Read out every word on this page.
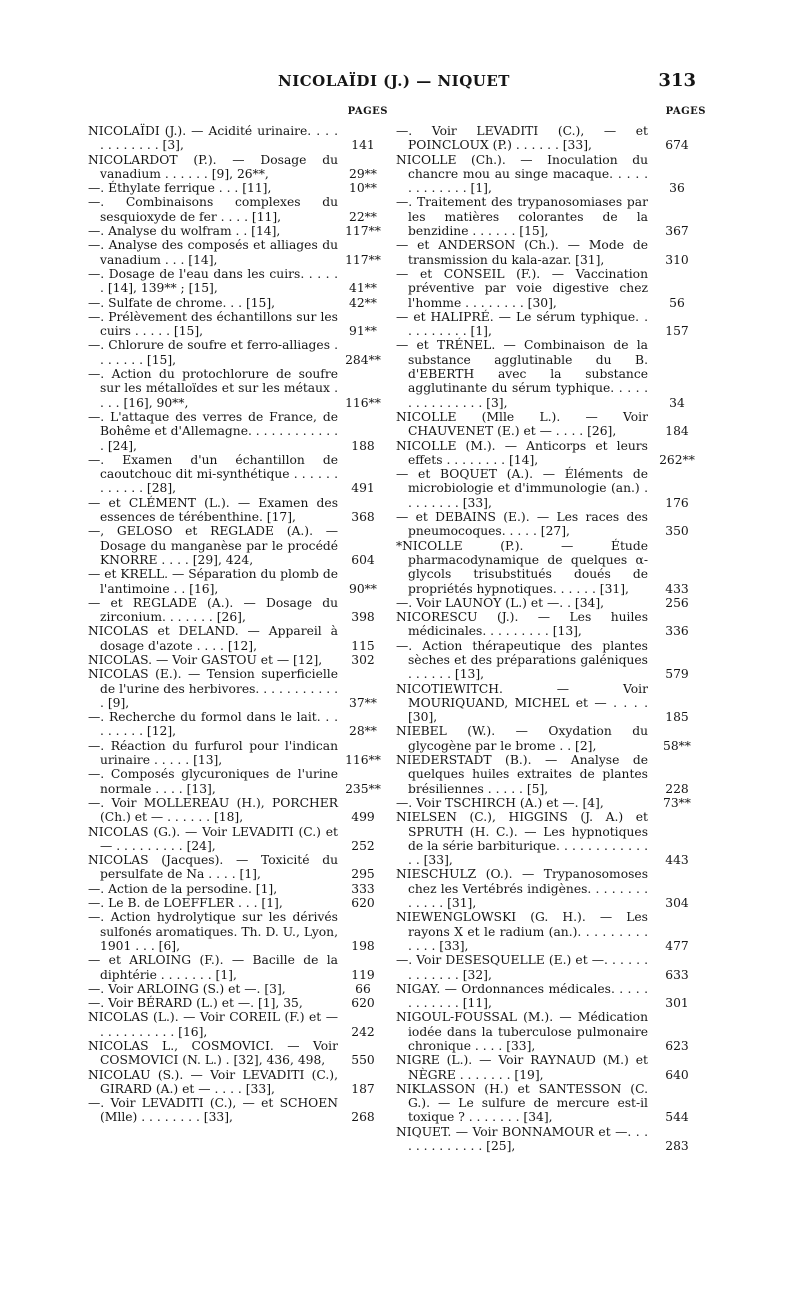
NICOLAÏDI (J.) — NIQUET	313
PAGES
NICOLAÏDI (J.). — Acidité urinaire. . . . . . . . . . . . [3],	141
NICOLARDOT (P.). — Dosage du vanadium . . . . . . [9], 26**,	29**
—. Éthylate ferrique . . . [11],	10**
—. Combinaisons complexes du sesquioxyde de fer . . . . [11],	22**
—. Analyse du wolfram . . [14],	117**
—. Analyse des composés et alliages du vanadium . . . [14],	117**
—. Dosage de l'eau dans les cuirs. . . . . . [14], 139** ; [15],	41**
—. Sulfate de chrome. . . [15],	42**
—. Prélèvement des échantillons sur les cuirs . . . . . [15],	91**
—. Chlorure de soufre et ferro-alliages . . . . . . . [15],	284**
—. Action du protochlorure de soufre sur les métalloïdes et sur les métaux . . . . [16], 90**,	116**
—. L'attaque des verres de France, de Bohême et d'Allemagne. . . . . . . . . . . . . [24],	188
—. Examen d'un échantillon de caoutchouc dit mi-synthétique . . . . . . . . . . . . [28],	491
— et CLÉMENT (L.). — Examen des essences de térébenthine. [17],	368
—, GELOSO et REGLADE (A.). — Dosage du manganèse par le procédé KNORRE . . . . [29], 424,	604
— et KRELL. — Séparation du plomb de l'antimoine . . [16],	90**
— et REGLADE (A.). — Dosage du zirconium. . . . . . . [26],	398
NICOLAS et DELAND. — Appareil à dosage d'azote . . . . [12],	115
NICOLAS. — Voir GASTOU et — [12],	302
NICOLAS (E.). — Tension superficielle de l'urine des herbivores. . . . . . . . . . . . [9],	37**
—. Recherche du formol dans le lait. . . . . . . . . [12],	28**
—. Réaction du furfurol pour l'indican urinaire . . . . . [13],	116**
—. Composés glycuroniques de l'urine normale . . . . [13],	235**
—. Voir MOLLEREAU (H.), PORCHER (Ch.) et — . . . . . . [18],	499
NICOLAS (G.). — Voir LEVADITI (C.) et — . . . . . . . . . [24],	252
NICOLAS (Jacques). — Toxicité du persulfate de Na . . . . [1],	295
—. Action de la persodine. [1],	333
—. Le B. de LOEFFLER . . . [1],	620
—. Action hydrolytique sur les dérivés sulfonés aromatiques. Th. D. U., Lyon, 1901 . . . [6],	198
— et ARLOING (F.). — Bacille de la diphtérie . . . . . . . [1],	119
—. Voir ARLOING (S.) et —. [3],	66
—. Voir BÉRARD (L.) et —. [1], 35,	620
NICOLAS (L.). — Voir COREIL (F.) et — . . . . . . . . . . [16],	242
NICOLAS L., COSMOVICI. — Voir COSMOVICI (N. L.) . [32], 436, 498,	550
NICOLAU (S.). — Voir LEVADITI (C.), GIRARD (A.) et — . . . . [33],	187
—. Voir LEVADITI (C.), — et SCHOEN (Mlle) . . . . . . . . [33],	268
PAGES
—. Voir LEVADITI (C.), — et POINCLOUX (P.) . . . . . . [33],	674
NICOLLE (Ch.). — Inoculation du chancre mou au singe macaque. . . . . . . . . . . . . [1],	36
—. Traitement des trypanosomiases par les matières colorantes de la benzidine . . . . . . [15],	367
— et ANDERSON (Ch.). — Mode de transmission du kala-azar. [31],	310
— et CONSEIL (F.). — Vaccination préventive par voie digestive chez l'homme . . . . . . . . [30],	56
— et HALIPRÉ. — Le sérum typhique. . . . . . . . . . [1],	157
— et TRÉNEL. — Combinaison de la substance agglutinable du B. d'EBERTH avec la substance agglutinante du sérum typhique. . . . . . . . . . . . . . . [3],	34
NICOLLE (Mlle L.). — Voir CHAUVENET (E.) et — . . . . [26],	184
NICOLLE (M.). — Anticorps et leurs effets . . . . . . . . [14],	262**
— et BOQUET (A.). — Éléments de microbiologie et d'immunologie (an.) . . . . . . . . [33],	176
— et DEBAINS (E.). — Les races des pneumocoques. . . . . [27],	350
*NICOLLE (P.). — Étude pharmacodynamique de quelques α-glycols trisubstitués doués de propriétés hypnotiques. . . . . . [31],	433
—. Voir LAUNOY (L.) et —. . [34],	256
NICORESCU (J.). — Les huiles médicinales. . . . . . . . . [13],	336
—. Action thérapeutique des plantes sèches et des préparations galéniques . . . . . . [13],	579
NICOTIEWITCH. — Voir MOURIQUAND, MICHEL et — . . . . [30],	185
NIEBEL (W.). — Oxydation du glycogène par le brome . . [2],	58**
NIEDERSTADT (B.). — Analyse de quelques huiles extraites de plantes brésiliennes . . . . . [5],	228
—. Voir TSCHIRCH (A.) et —. [4],	73**
NIELSEN (C.), HIGGINS (J. A.) et SPRUTH (H. C.). — Les hypnotiques de la série barbiturique. . . . . . . . . . . . . . [33],	443
NIESCHULZ (O.). — Trypanosomoses chez les Vertébrés indigènes. . . . . . . . . . . . . [31],	304
NIEWENGLOWSKI (G. H.). — Les rayons X et le radium (an.). . . . . . . . . . . . . [33],	477
—. Voir DESESQUELLE (E.) et —. . . . . . . . . . . . . [32],	633
NIGAY. — Ordonnances médicales. . . . . . . . . . . . [11],	301
NIGOUL-FOUSSAL (M.). — Médication iodée dans la tuberculose pulmonaire chronique . . . . [33],	623
NIGRE (L.). — Voir RAYNAUD (M.) et NÈGRE . . . . . . . [19],	640
NIKLASSON (H.) et SANTESSON (C. G.). — Le sulfure de mercure est-il toxique ? . . . . . . . [34],	544
NIQUET. — Voir BONNAMOUR et —. . . . . . . . . . . . . [25],	283
